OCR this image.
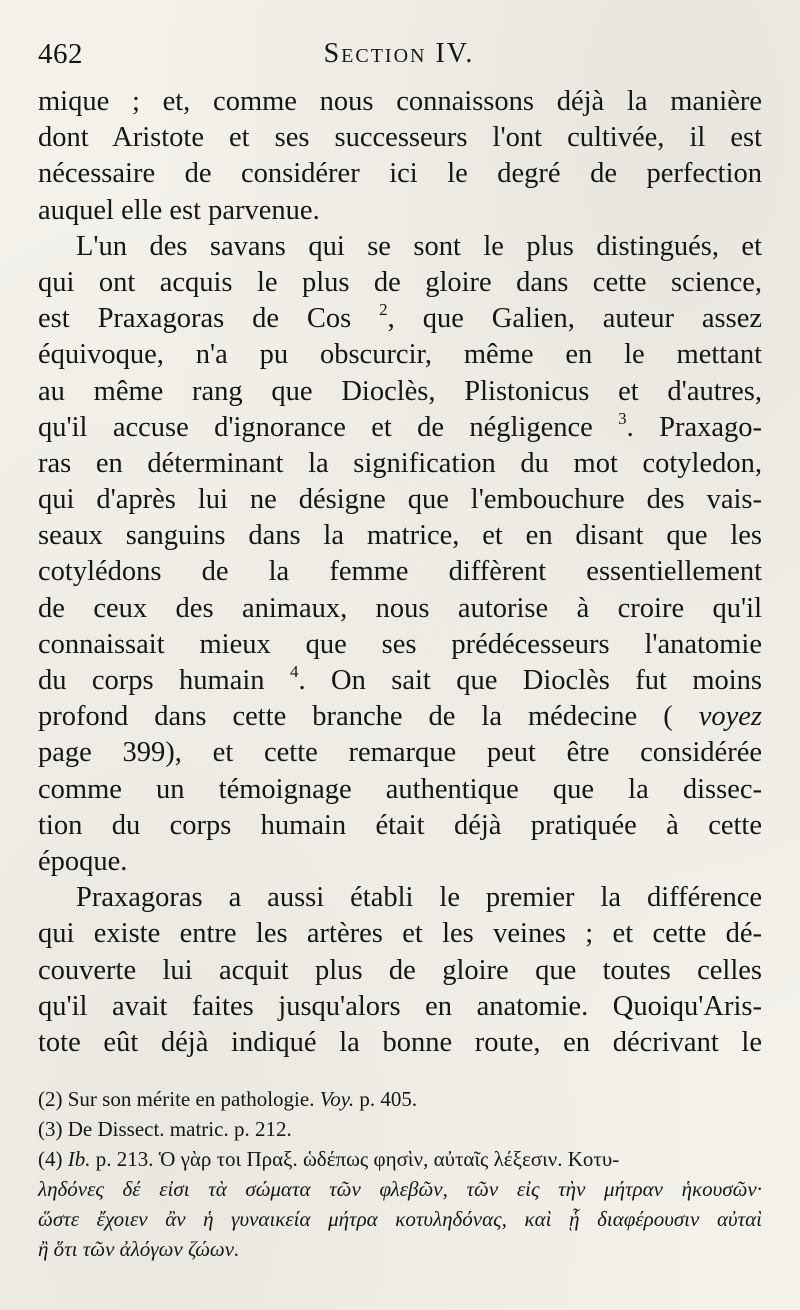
462	Section IV.
mique ; et, comme nous connaissons déjà la manière
dont Aristote et ses successeurs l'ont cultivée, il est
nécessaire de considérer ici le degré de perfection
auquel elle est parvenue.
L'un des savans qui se sont le plus distingués, et
qui ont acquis le plus de gloire dans cette science,
est Praxagoras de Cos $^2$, que Galien, auteur assez
équivoque, n'a pu obscurcir, même en le mettant
au même rang que Dioclès, Plistonicus et d'autres,
qu'il accuse d'ignorance et de négligence $^3$. Praxago-
ras en déterminant la signification du mot cotyledon,
qui d'après lui ne désigne que l'embouchure des vais-
seaux sanguins dans la matrice, et en disant que les
cotylédons de la femme diffèrent essentiellement
de ceux des animaux, nous autorise à croire qu'il
connaissait mieux que ses prédécesseurs l'anatomie
du corps humain $^4$. On sait que Dioclès fut moins
profond dans cette branche de la médecine ( voyez
page 399), et cette remarque peut être considérée
comme un témoignage authentique que la dissec-
tion du corps humain était déjà pratiquée à cette
époque.
Praxagoras a aussi établi le premier la différence
qui existe entre les artères et les veines ; et cette dé-
couverte lui acquit plus de gloire que toutes celles
qu'il avait faites jusqu'alors en anatomie. Quoiqu'Aris-
tote eût déjà indiqué la bonne route, en décrivant le
(2) Sur son mérite en pathologie. Voy. p. 405.
(3) De Dissect. matric. p. 212.
(4) Ib. p. 213. Ὁ γὰρ τοι Πραξ. ὡδέπως φησὶν, αὐταῖς λέξεσιν. Κοτυ-
ληδόνες δέ εἰσι τὰ σώματα τῶν φλεβῶν, τῶν εἰς τὴν μήτραν ἡκουσῶν·
ὥστε ἔχοιεν ἂν ἡ γυναικεία μήτρα κοτυληδόνας, καὶ ᾗ διαφέρουσιν αὐταὶ
ἢ ὅτι τῶν ἀλόγων ζώων.
